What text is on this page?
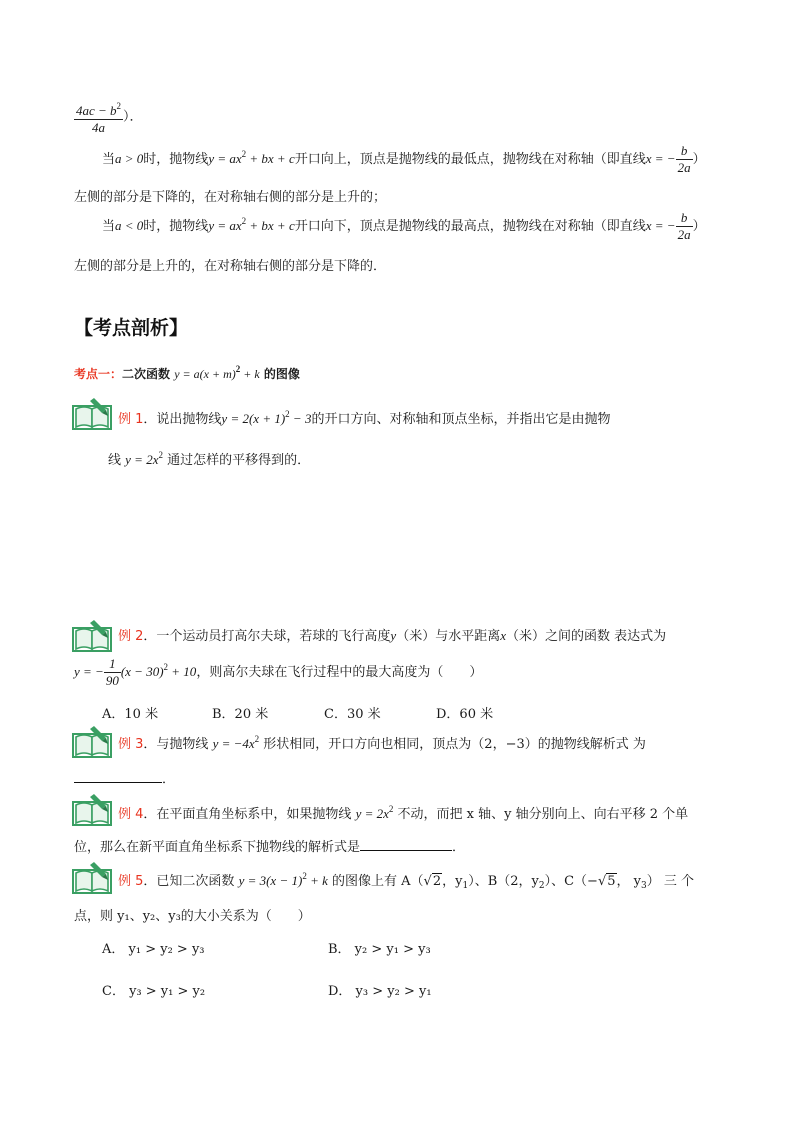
$\frac{4ac - b^2}{4a}$ ）．
当a > 0时，抛物线$y = ax^2$ + bx + c开口向上，顶点是抛物线的最低点，抛物线在对称轴（即直线x = − $\frac{b}{2a}$ ）
左侧的部分是下降的，在对称轴右侧的部分是上升的；
当a < 0时，抛物线$y = ax^2$ + bx + c开口向下，顶点是抛物线的最高点，抛物线在对称轴（即直线x = − $\frac{b}{2a}$ ）
左侧的部分是上升的，在对称轴右侧的部分是下降的．
【考点剖析】
考点一：二次函数 $y = a(x + m)^2 + k$ 的图像
例 1．说出抛物线$y = 2(x + 1)^2 - 3$的开口方向、对称轴和顶点坐标，并指出它是由抛物
线 $y = 2x^2$ 通过怎样的平移得到的．
例 2．一个运动员打高尔夫球，若球的飞行高度y（米）与水平距离x（米）之间的函数 表达式为
y = − $\frac{1}{90} (x - 30)^2 + 10$，则高尔夫球在飞行过程中的最大高度为（　　）
A．10 米	B．20 米	C．30 米	D．60 米
例 3．与抛物线 $y = -4x^2$ 形状相同，开口方向也相同，顶点为（2，−3）的抛物线解析式 为
．
例 4．在平面直角坐标系中，如果抛物线 $y = 2x^2$ 不动，而把 x 轴、y 轴分别向上、向右平移 2 个单
位，那么在新平面直角坐标系下抛物线的解析式是	．
例 5．已知二次函数 $y = 3(x - 1)^2 + k$ 的图像上有 A（√2，$y_1$）、B（2，$y_2$）、C（−√5， $y_3$） 三 个
点，则 y₁、y₂、y₃的大小关系为（　　）
A． y₁ > y₂ > y₃	B． y₂ > y₁ > y₃
C． y₃ > y₁ > y₂	D． y₃ > y₂ > y₁
